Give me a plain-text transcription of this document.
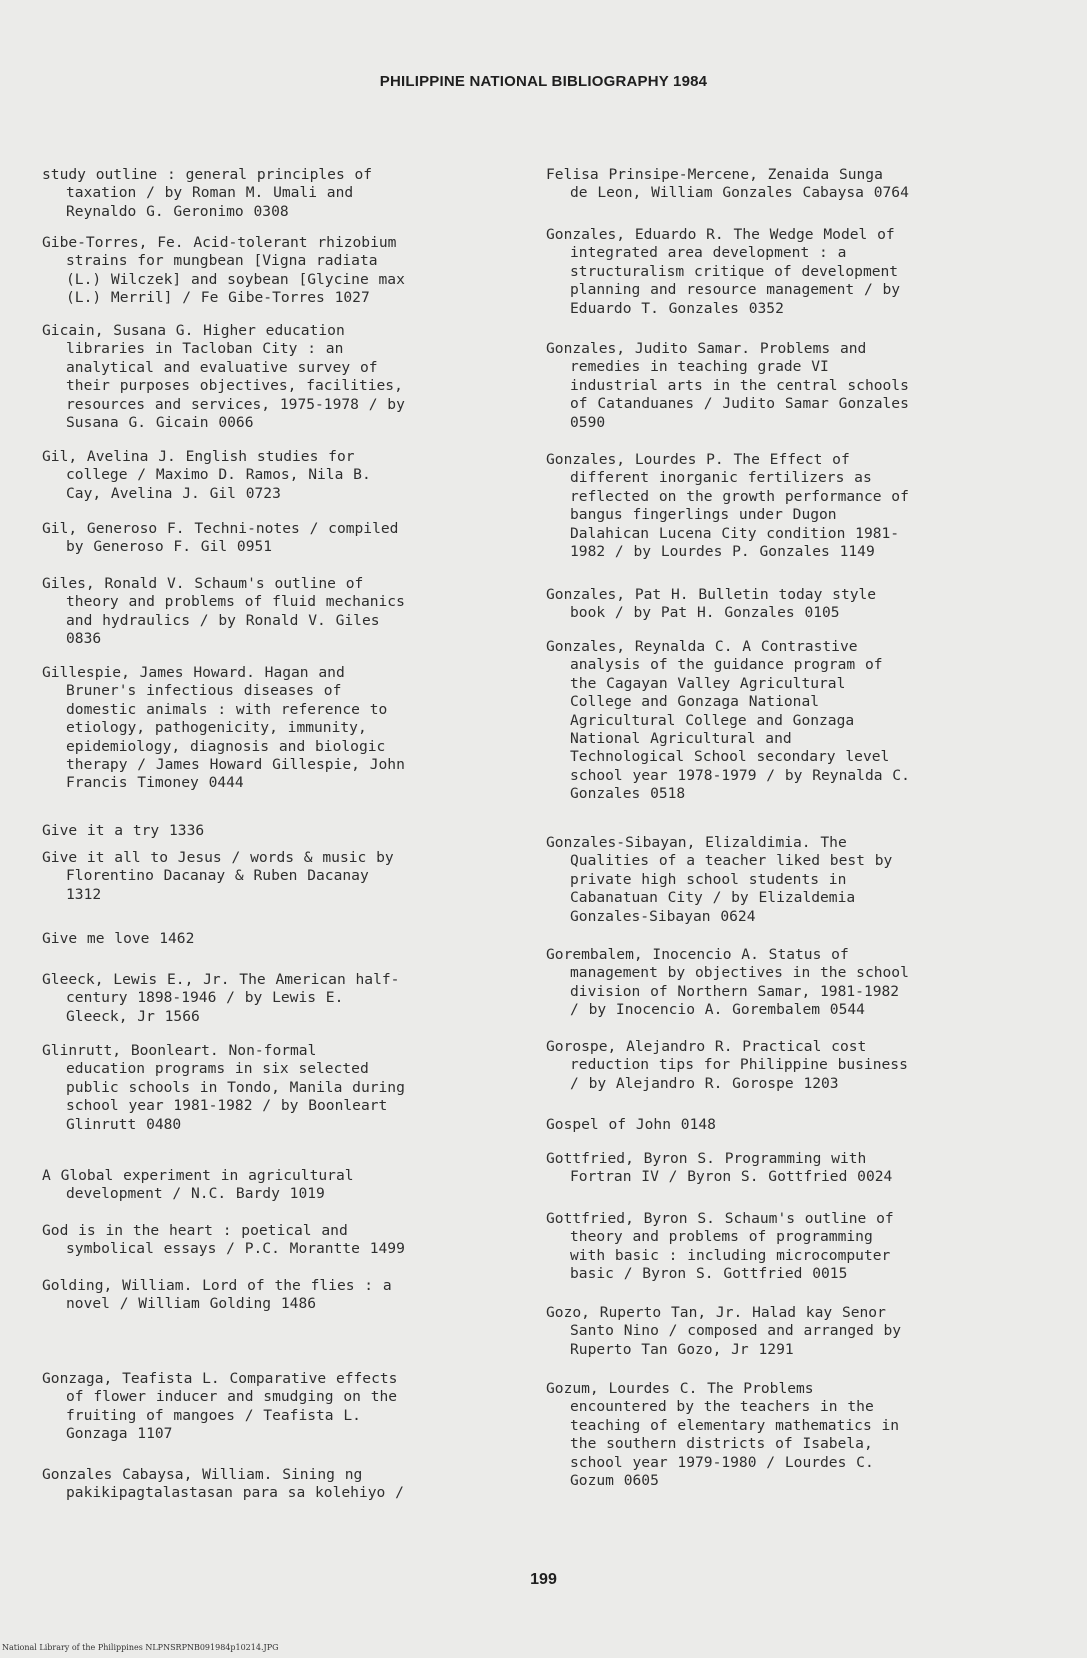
PHILIPPINE NATIONAL BIBLIOGRAPHY 1984
study outline : general principles of
taxation / by Roman M. Umali and
Reynaldo G. Geronimo 0308
Gibe-Torres, Fe. Acid-tolerant rhizobium
strains for mungbean [Vigna radiata
(L.) Wilczek] and soybean [Glycine max
(L.) Merril] / Fe Gibe-Torres 1027
Gicain, Susana G. Higher education
libraries in Tacloban City : an
analytical and evaluative survey of
their purposes objectives, facilities,
resources and services, 1975-1978 / by
Susana G. Gicain 0066
Gil, Avelina J. English studies for
college / Maximo D. Ramos, Nila B.
Cay, Avelina J. Gil 0723
Gil, Generoso F. Techni-notes / compiled
by Generoso F. Gil 0951
Giles, Ronald V. Schaum's outline of
theory and problems of fluid mechanics
and hydraulics / by Ronald V. Giles
0836
Gillespie, James Howard. Hagan and
Bruner's infectious diseases of
domestic animals : with reference to
etiology, pathogenicity, immunity,
epidemiology, diagnosis and biologic
therapy / James Howard Gillespie, John
Francis Timoney 0444
Give it a try 1336
Give it all to Jesus / words & music by
Florentino Dacanay & Ruben Dacanay
1312
Give me love 1462
Gleeck, Lewis E., Jr. The American half-
century 1898-1946 / by Lewis E.
Gleeck, Jr 1566
Glinrutt, Boonleart. Non-formal
education programs in six selected
public schools in Tondo, Manila during
school year 1981-1982 / by Boonleart
Glinrutt 0480
A Global experiment in agricultural
development / N.C. Bardy 1019
God is in the heart : poetical and
symbolical essays / P.C. Morantte 1499
Golding, William. Lord of the flies : a
novel / William Golding 1486
Gonzaga, Teafista L. Comparative effects
of flower inducer and smudging on the
fruiting of mangoes / Teafista L.
Gonzaga 1107
Gonzales Cabaysa, William. Sining ng
pakikipagtalastasan para sa kolehiyo /
Felisa Prinsipe-Mercene, Zenaida Sunga
de Leon, William Gonzales Cabaysa 0764
Gonzales, Eduardo R. The Wedge Model of
integrated area development : a
structuralism critique of development
planning and resource management / by
Eduardo T. Gonzales 0352
Gonzales, Judito Samar. Problems and
remedies in teaching grade VI
industrial arts in the central schools
of Catanduanes / Judito Samar Gonzales
0590
Gonzales, Lourdes P. The Effect of
different inorganic fertilizers as
reflected on the growth performance of
bangus fingerlings under Dugon
Dalahican Lucena City condition 1981-
1982 / by Lourdes P. Gonzales 1149
Gonzales, Pat H. Bulletin today style
book / by Pat H. Gonzales 0105
Gonzales, Reynalda C. A Contrastive
analysis of the guidance program of
the Cagayan Valley Agricultural
College and Gonzaga National
Agricultural College and Gonzaga
National Agricultural and
Technological School secondary level
school year 1978-1979 / by Reynalda C.
Gonzales 0518
Gonzales-Sibayan, Elizaldimia. The
Qualities of a teacher liked best by
private high school students in
Cabanatuan City / by Elizaldemia
Gonzales-Sibayan 0624
Gorembalem, Inocencio A. Status of
management by objectives in the school
division of Northern Samar, 1981-1982
/ by Inocencio A. Gorembalem 0544
Gorospe, Alejandro R. Practical cost
reduction tips for Philippine business
/ by Alejandro R. Gorospe 1203
Gospel of John 0148
Gottfried, Byron S. Programming with
Fortran IV / Byron S. Gottfried 0024
Gottfried, Byron S. Schaum's outline of
theory and problems of programming
with basic : including microcomputer
basic / Byron S. Gottfried 0015
Gozo, Ruperto Tan, Jr. Halad kay Senor
Santo Nino / composed and arranged by
Ruperto Tan Gozo, Jr 1291
Gozum, Lourdes C. The Problems
encountered by the teachers in the
teaching of elementary mathematics in
the southern districts of Isabela,
school year 1979-1980 / Lourdes C.
Gozum 0605
199
National Library of the Philippines NLPNSRPNB091984p10214.JPG
